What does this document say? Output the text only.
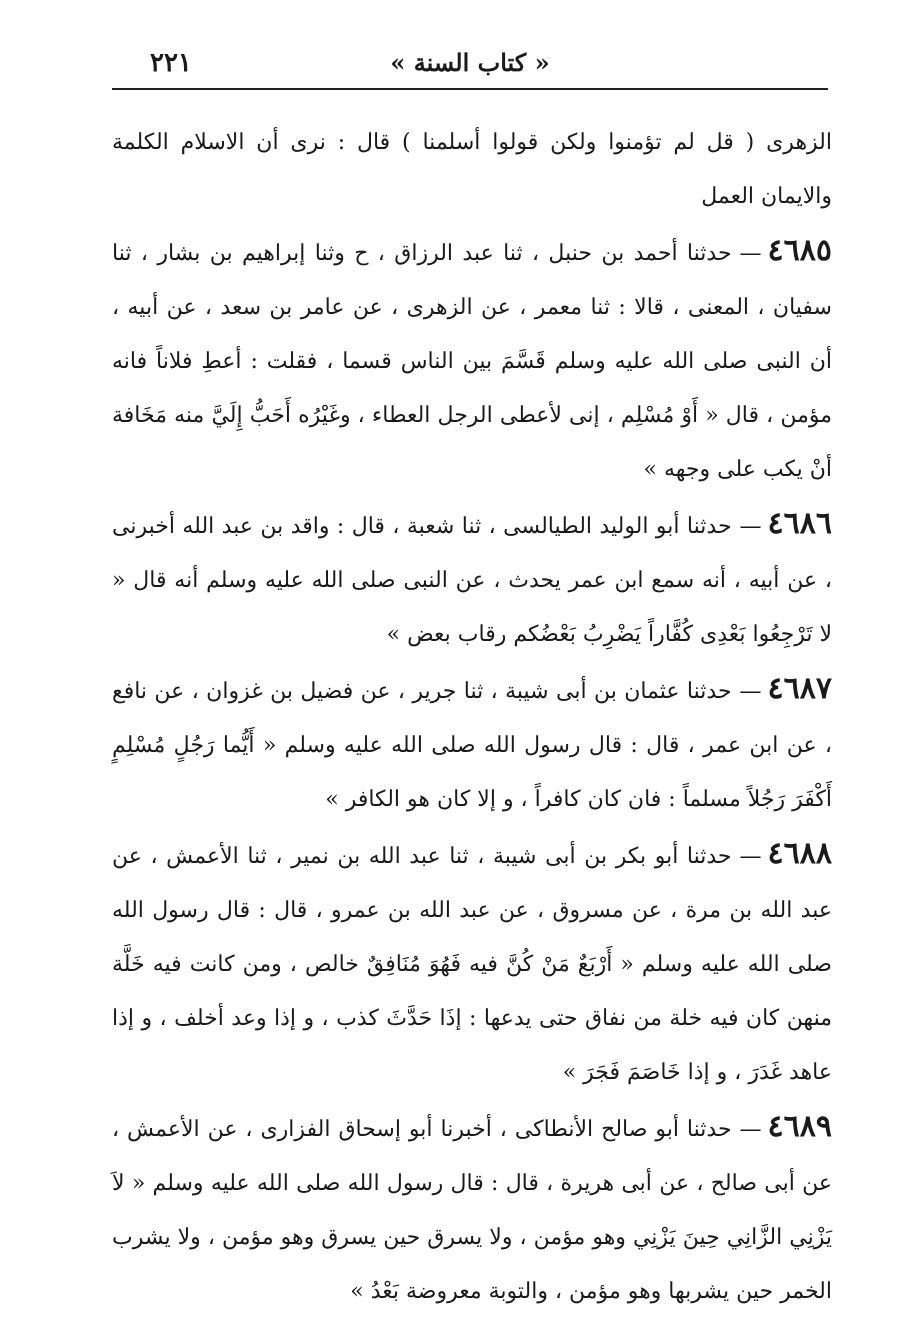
« كتاب السنة »
٢٢١

الزهرى ( قل لم تؤمنوا ولكن قولوا أسلمنا ) قال : نرى أن الاسلام الكلمة والايمان العمل

٤٦٨٥—حدثنا أحمد بن حنبل ، ثنا عبد الرزاق ، ح وثنا إبراهيم بن بشار ، ثنا سفيان ، المعنى ، قالا : ثنا معمر ، عن الزهرى ، عن عامر بن سعد ، عن أبيه ، أن النبى صلى الله عليه وسلم قَسَّمَ بين الناس قسما ، فقلت : أعطِ فلاناً فانه مؤمن ، قال « أَوْ مُسْلِم ، إنى لأعطى الرجل العطاء ، وغَيْرُه أَحَبُّ إِلَيَّ منه مَخَافة أنْ يكب على وجهه »

٤٦٨٦—حدثنا أبو الوليد الطيالسى ، ثنا شعبة ، قال : واقد بن عبد الله أخبرنى ، عن أبيه ، أنه سمع ابن عمر يحدث ، عن النبى صلى الله عليه وسلم أنه قال « لا تَرْجِعُوا بَعْدِى كُفَّاراً يَضْرِبُ بَعْضُكم رقاب بعض »

٤٦٨٧—حدثنا عثمان بن أبى شيبة ، ثنا جرير ، عن فضيل بن غزوان ، عن نافع ، عن ابن عمر ، قال : قال رسول الله صلى الله عليه وسلم « أَيُّما رَجُلٍ مُسْلِمٍ أَكْفَرَ رَجُلاً مسلماً : فان كان كافراً ، و إلا كان هو الكافر »

٤٦٨٨—حدثنا أبو بكر بن أبى شيبة ، ثنا عبد الله بن نمير ، ثنا الأعمش ، عن عبد الله بن مرة ، عن مسروق ، عن عبد الله بن عمرو ، قال : قال رسول الله صلى الله عليه وسلم « أَرْبَعٌ مَنْ كُنَّ فيه فَهُوَ مُنَافِقٌ خالص ، ومن كانت فيه خَلَّة منهن كان فيه خلة من نفاق حتى يدعها : إذَا حَدَّثَ كذب ، و إذا وعد أخلف ، و إذا عاهد غَدَرَ ، و إذا خَاصَمَ فَجَرَ »

٤٦٨٩—حدثنا أبو صالح الأنطاكى ، أخبرنا أبو إسحاق الفزارى ، عن الأعمش ، عن أبى صالح ، عن أبى هريرة ، قال : قال رسول الله صلى الله عليه وسلم « لاَ يَزْنِي الزَّانِي حِينَ يَزْنِي وهو مؤمن ، ولا يسرق حين يسرق وهو مؤمن ، ولا يشرب الخمر حين يشربها وهو مؤمن ، والتوبة معروضة بَعْدُ »
